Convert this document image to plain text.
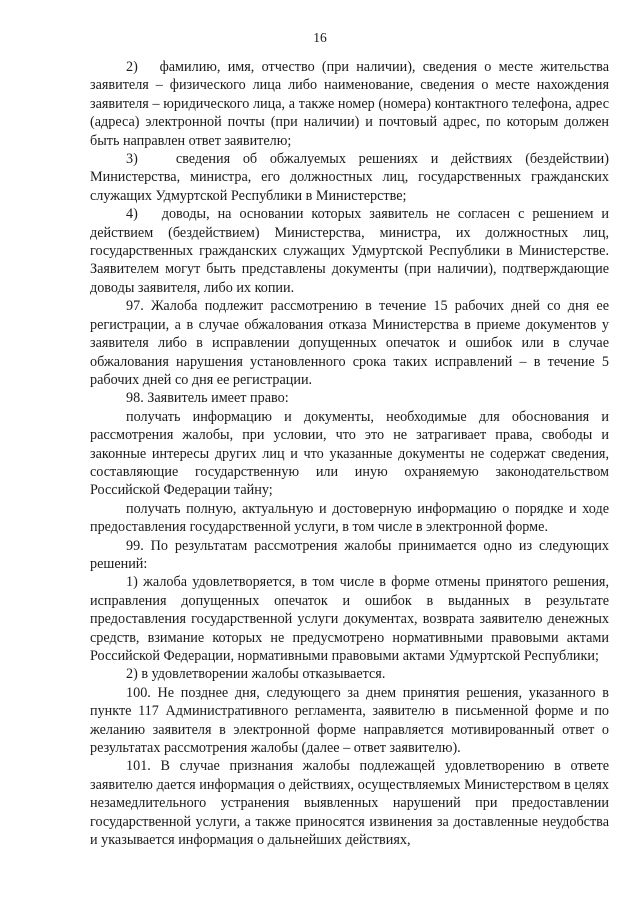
16

2)   фамилию, имя, отчество (при наличии), сведения о месте жительства заявителя – физического лица либо наименование, сведения о месте нахождения заявителя – юридического лица, а также номер (номера) контактного телефона, адрес (адреса) электронной почты (при наличии) и почтовый адрес, по которым должен быть направлен ответ заявителю;

3)   сведения об обжалуемых решениях и действиях (бездействии) Министерства, министра, его должностных лиц, государственных гражданских служащих Удмуртской Республики в Министерстве;

4)   доводы, на основании которых заявитель не согласен с решением и действием (бездействием) Министерства, министра, их должностных лиц, государственных гражданских служащих Удмуртской Республики в Министерстве. Заявителем могут быть представлены документы (при наличии), подтверждающие доводы заявителя, либо их копии.

97. Жалоба подлежит рассмотрению в течение 15 рабочих дней со дня ее регистрации, а в случае обжалования отказа Министерства в приеме документов у заявителя либо в исправлении допущенных опечаток и ошибок или в случае обжалования нарушения установленного срока таких исправлений – в течение 5 рабочих дней со дня ее регистрации.

98. Заявитель имеет право:

получать информацию и документы, необходимые для обоснования и рассмотрения жалобы, при условии, что это не затрагивает права, свободы и законные интересы других лиц и что указанные документы не содержат сведения, составляющие государственную или иную охраняемую законодательством Российской Федерации тайну;

получать полную, актуальную и достоверную информацию о порядке и ходе предоставления государственной услуги, в том числе в электронной форме.

99. По результатам рассмотрения жалобы принимается одно из следующих решений:

1) жалоба удовлетворяется, в том числе в форме отмены принятого решения, исправления допущенных опечаток и ошибок в выданных в результате предоставления государственной услуги документах, возврата заявителю денежных средств, взимание которых не предусмотрено нормативными правовыми актами Российской Федерации, нормативными правовыми актами Удмуртской Республики;

2) в удовлетворении жалобы отказывается.

100. Не позднее дня, следующего за днем принятия решения, указанного в пункте 117 Административного регламента, заявителю в письменной форме и по желанию заявителя в электронной форме направляется мотивированный ответ о результатах рассмотрения жалобы (далее – ответ заявителю).

101. В случае признания жалобы подлежащей удовлетворению в ответе заявителю дается информация о действиях, осуществляемых Министерством в целях незамедлительного устранения выявленных нарушений при предоставлении государственной услуги, а также приносятся извинения за доставленные неудобства и указывается информация о дальнейших действиях,
